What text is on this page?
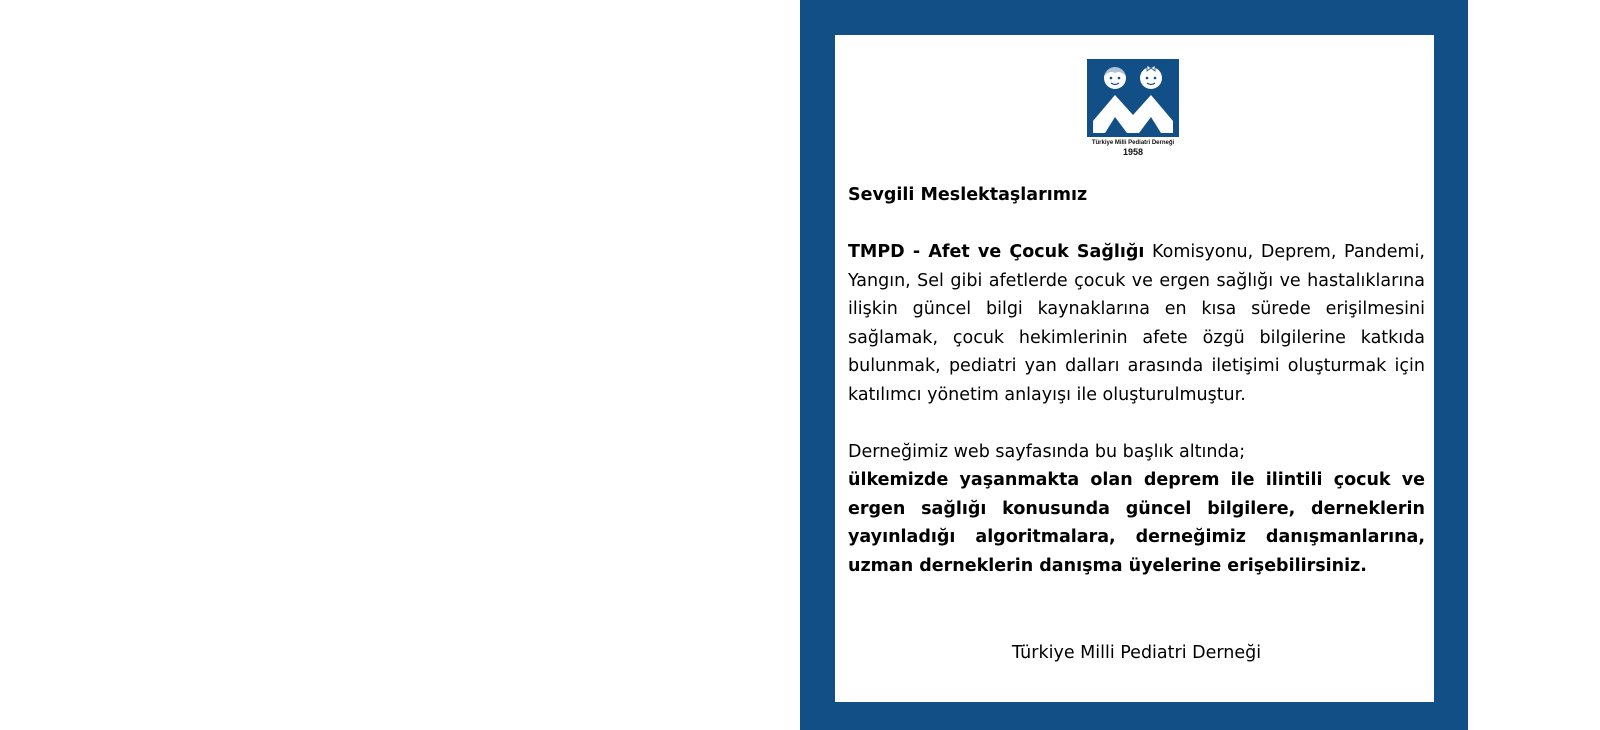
Türkiye Milli Pediatri Derneği
1958

Sevgili Meslektaşlarımız

TMPD - Afet ve Çocuk Sağlığı Komisyonu, Deprem, Pandemi, Yangın, Sel gibi afetlerde çocuk ve ergen sağlığı ve hastalıklarına ilişkin güncel bilgi kaynaklarına en kısa sürede erişilmesini sağlamak, çocuk hekimlerinin afete özgü bilgilerine katkıda bulunmak, pediatri yan dalları arasında iletişimi oluşturmak için katılımcı yönetim anlayışı ile oluşturulmuştur.

Derneğimiz web sayfasında bu başlık altında;

ülkemizde yaşanmakta olan deprem ile ilintili çocuk ve ergen sağlığı konusunda güncel bilgilere, derneklerin yayınladığı algoritmalara, derneğimiz danışmanlarına, uzman derneklerin danışma üyelerine erişebilirsiniz.

Türkiye Milli Pediatri Derneği
